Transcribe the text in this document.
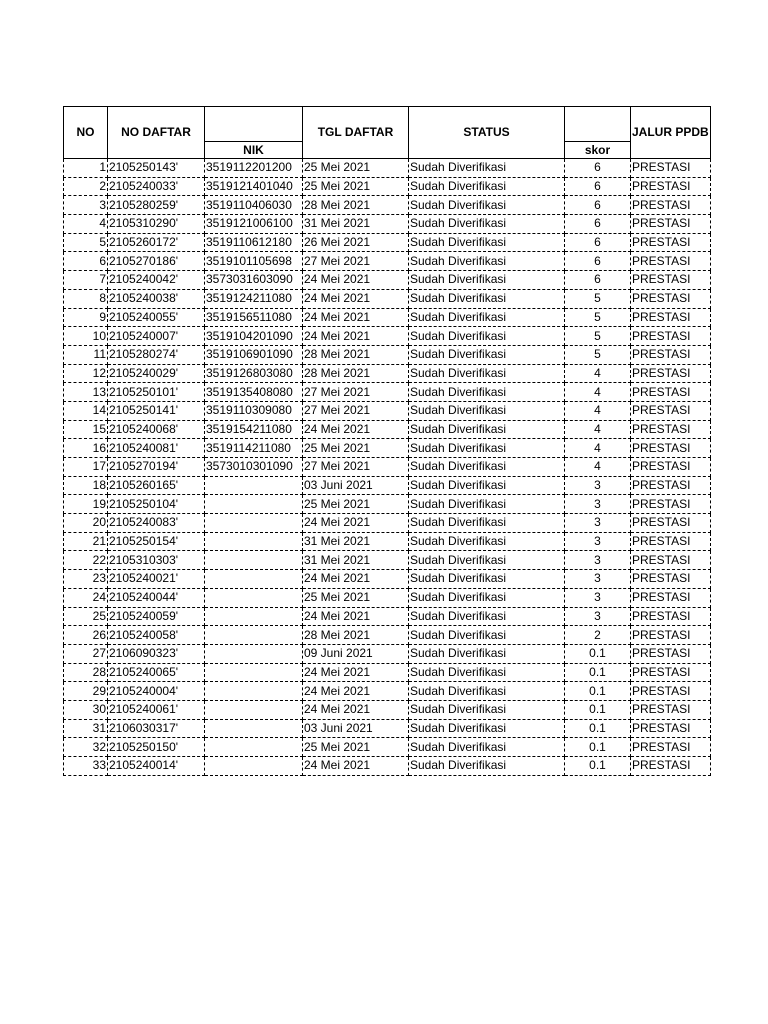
NO	NO DAFTAR		TGL DAFTAR	STATUS		JALUR PPDB

		NIK			skor	
1	2105250143'	3519112201200	25 Mei 2021	Sudah Diverifikasi	6	PRESTASI
2	2105240033'	3519121401040	25 Mei 2021	Sudah Diverifikasi	6	PRESTASI
3	2105280259'	3519110406030	28 Mei 2021	Sudah Diverifikasi	6	PRESTASI
4	2105310290'	3519121006100	31 Mei 2021	Sudah Diverifikasi	6	PRESTASI
5	2105260172'	3519110612180	26 Mei 2021	Sudah Diverifikasi	6	PRESTASI
6	2105270186'	3519101105698	27 Mei 2021	Sudah Diverifikasi	6	PRESTASI
7	2105240042'	3573031603090	24 Mei 2021	Sudah Diverifikasi	6	PRESTASI
8	2105240038'	3519124211080	24 Mei 2021	Sudah Diverifikasi	5	PRESTASI
9	2105240055'	3519156511080	24 Mei 2021	Sudah Diverifikasi	5	PRESTASI
10	2105240007'	3519104201090	24 Mei 2021	Sudah Diverifikasi	5	PRESTASI
11	2105280274'	3519106901090	28 Mei 2021	Sudah Diverifikasi	5	PRESTASI
12	2105240029'	3519126803080	28 Mei 2021	Sudah Diverifikasi	4	PRESTASI
13	2105250101'	3519135408080	27 Mei 2021	Sudah Diverifikasi	4	PRESTASI
14	2105250141'	3519110309080	27 Mei 2021	Sudah Diverifikasi	4	PRESTASI
15	2105240068'	3519154211080	24 Mei 2021	Sudah Diverifikasi	4	PRESTASI
16	2105240081'	3519114211080	25 Mei 2021	Sudah Diverifikasi	4	PRESTASI
17	2105270194'	3573010301090	27 Mei 2021	Sudah Diverifikasi	4	PRESTASI
18	2105260165'		03 Juni 2021	Sudah Diverifikasi	3	PRESTASI
19	2105250104'		25 Mei 2021	Sudah Diverifikasi	3	PRESTASI
20	2105240083'		24 Mei 2021	Sudah Diverifikasi	3	PRESTASI
21	2105250154'		31 Mei 2021	Sudah Diverifikasi	3	PRESTASI
22	2105310303'		31 Mei 2021	Sudah Diverifikasi	3	PRESTASI
23	2105240021'		24 Mei 2021	Sudah Diverifikasi	3	PRESTASI
24	2105240044'		25 Mei 2021	Sudah Diverifikasi	3	PRESTASI
25	2105240059'		24 Mei 2021	Sudah Diverifikasi	3	PRESTASI
26	2105240058'		28 Mei 2021	Sudah Diverifikasi	2	PRESTASI
27	2106090323'		09 Juni 2021	Sudah Diverifikasi	0.1	PRESTASI
28	2105240065'		24 Mei 2021	Sudah Diverifikasi	0.1	PRESTASI
29	2105240004'		24 Mei 2021	Sudah Diverifikasi	0.1	PRESTASI
30	2105240061'		24 Mei 2021	Sudah Diverifikasi	0.1	PRESTASI
31	2106030317'		03 Juni 2021	Sudah Diverifikasi	0.1	PRESTASI
32	2105250150'		25 Mei 2021	Sudah Diverifikasi	0.1	PRESTASI
33	2105240014'		24 Mei 2021	Sudah Diverifikasi	0.1	PRESTASI
